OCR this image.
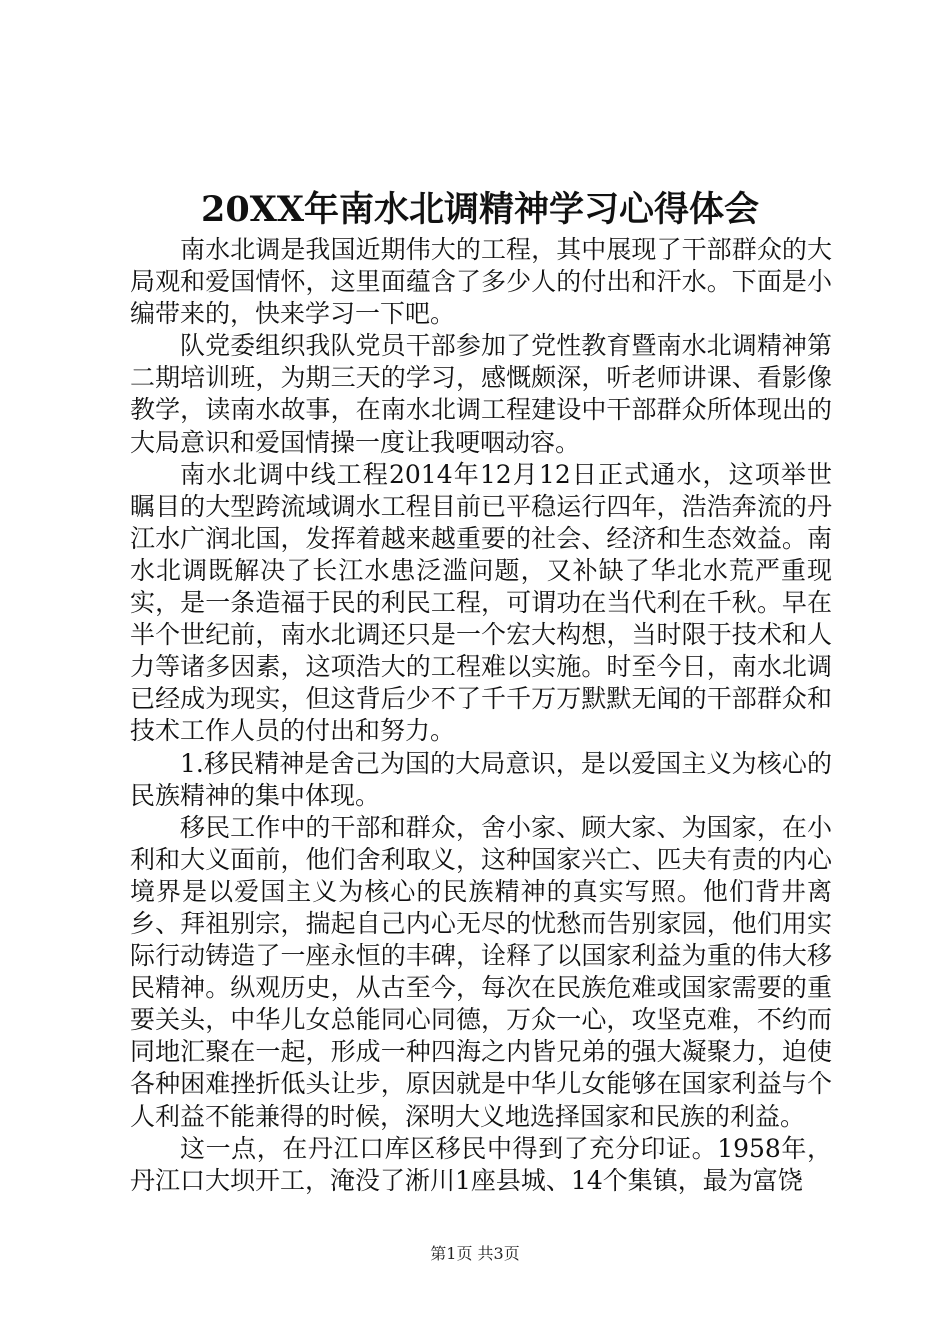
20XX年南水北调精神学习心得体会

南水北调是我国近期伟大的工程，其中展现了干部群众的大局观和爱国情怀，这里面蕴含了多少人的付出和汗水。下面是小编带来的，快来学习一下吧。

队党委组织我队党员干部参加了党性教育暨南水北调精神第二期培训班，为期三天的学习，感慨颇深，听老师讲课、看影像教学，读南水故事，在南水北调工程建设中干部群众所体现出的大局意识和爱国情操一度让我哽咽动容。

南水北调中线工程2014年12月12日正式通水，这项举世瞩目的大型跨流域调水工程目前已平稳运行四年，浩浩奔流的丹江水广润北国，发挥着越来越重要的社会、经济和生态效益。南水北调既解决了长江水患泛滥问题，又补缺了华北水荒严重现实，是一条造福于民的利民工程，可谓功在当代利在千秋。早在半个世纪前，南水北调还只是一个宏大构想，当时限于技术和人力等诸多因素，这项浩大的工程难以实施。时至今日，南水北调已经成为现实，但这背后少不了千千万万默默无闻的干部群众和技术工作人员的付出和努力。

1.移民精神是舍己为国的大局意识，是以爱国主义为核心的民族精神的集中体现。

移民工作中的干部和群众，舍小家、顾大家、为国家，在小利和大义面前，他们舍利取义，这种国家兴亡、匹夫有责的内心境界是以爱国主义为核心的民族精神的真实写照。他们背井离乡、拜祖别宗，揣起自己内心无尽的忧愁而告别家园，他们用实际行动铸造了一座永恒的丰碑，诠释了以国家利益为重的伟大移民精神。纵观历史，从古至今，每次在民族危难或国家需要的重要关头，中华儿女总能同心同德，万众一心，攻坚克难，不约而同地汇聚在一起，形成一种四海之内皆兄弟的强大凝聚力，迫使各种困难挫折低头让步，原因就是中华儿女能够在国家利益与个人利益不能兼得的时候，深明大义地选择国家和民族的利益。

这一点，在丹江口库区移民中得到了充分印证。1958年，丹江口大坝开工，淹没了淅川1座县城、14个集镇，最为富饶

第1页 共3页
